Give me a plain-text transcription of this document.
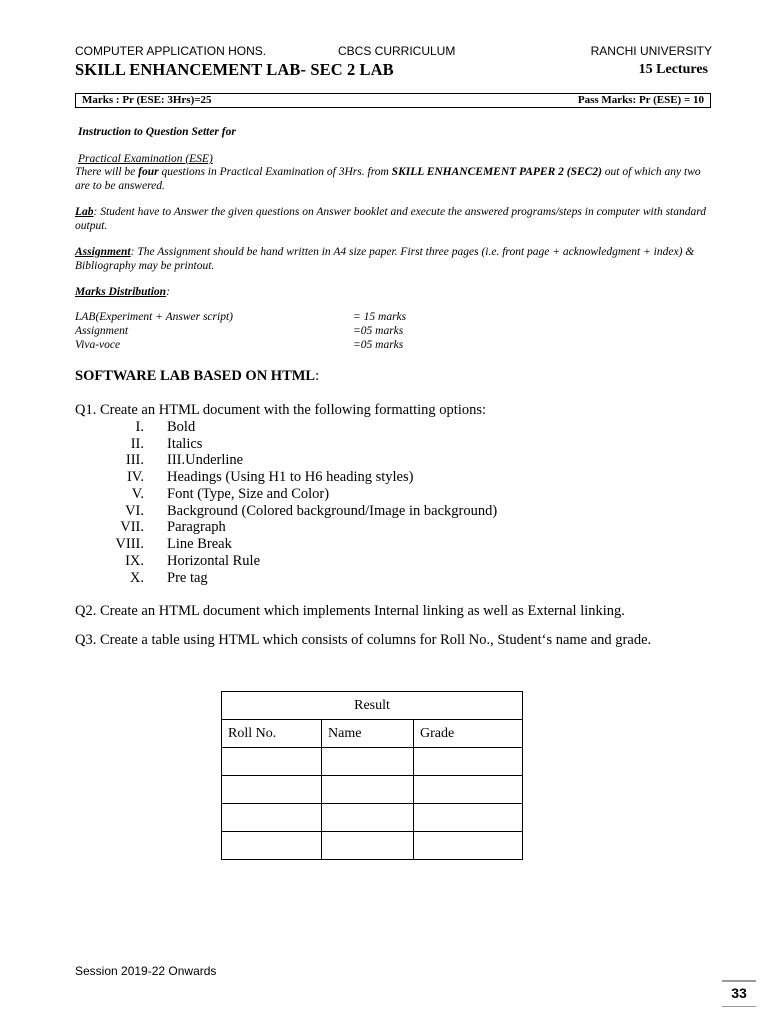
COMPUTER APPLICATION HONS.	CBCS CURRICULUM	RANCHI UNIVERSITY
SKILL ENHANCEMENT LAB- SEC 2 LAB	15 Lectures
Marks : Pr (ESE: 3Hrs)=25	Pass Marks: Pr (ESE) = 10
Instruction to Question Setter for
Practical Examination (ESE)
There will be four questions in Practical Examination of 3Hrs. from SKILL ENHANCEMENT PAPER 2 (SEC2) out of which any two are to be answered.
Lab: Student have to Answer the given questions on Answer booklet and execute the answered programs/steps in computer with standard output.
Assignment: The Assignment should be hand written in A4 size paper. First three pages (i.e. front page + acknowledgment + index) & Bibliography may be printout.
Marks Distribution:
LAB(Experiment + Answer script)	= 15 marks
Assignment	=05 marks
Viva-voce	=05 marks
SOFTWARE LAB BASED ON HTML:
Q1. Create an HTML document with the following formatting options:
I. Bold
II. Italics
III. III.Underline
IV. Headings (Using H1 to H6 heading styles)
V. Font (Type, Size and Color)
VI. Background (Colored background/Image in background)
VII. Paragraph
VIII. Line Break
IX. Horizontal Rule
X. Pre tag
Q2. Create an HTML document which implements Internal linking as well as External linking.
Q3. Create a table using HTML which consists of columns for Roll No., Student‘s name and grade.
Result		
Roll No.	Name	Grade

Session 2019-22 Onwards
33
